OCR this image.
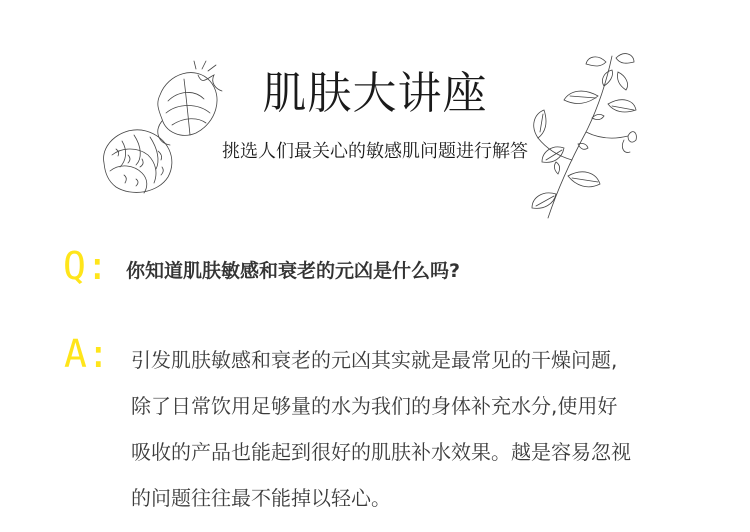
肌肤大讲座
挑选人们最关心的敏感肌问题进行解答
Q: 你知道肌肤敏感和衰老的元凶是什么吗?
A: 引发肌肤敏感和衰老的元凶其实就是最常见的干燥问题,
除了日常饮用足够量的水为我们的身体补充水分,使用好
吸收的产品也能起到很好的肌肤补水效果。越是容易忽视
的问题往往最不能掉以轻心。
